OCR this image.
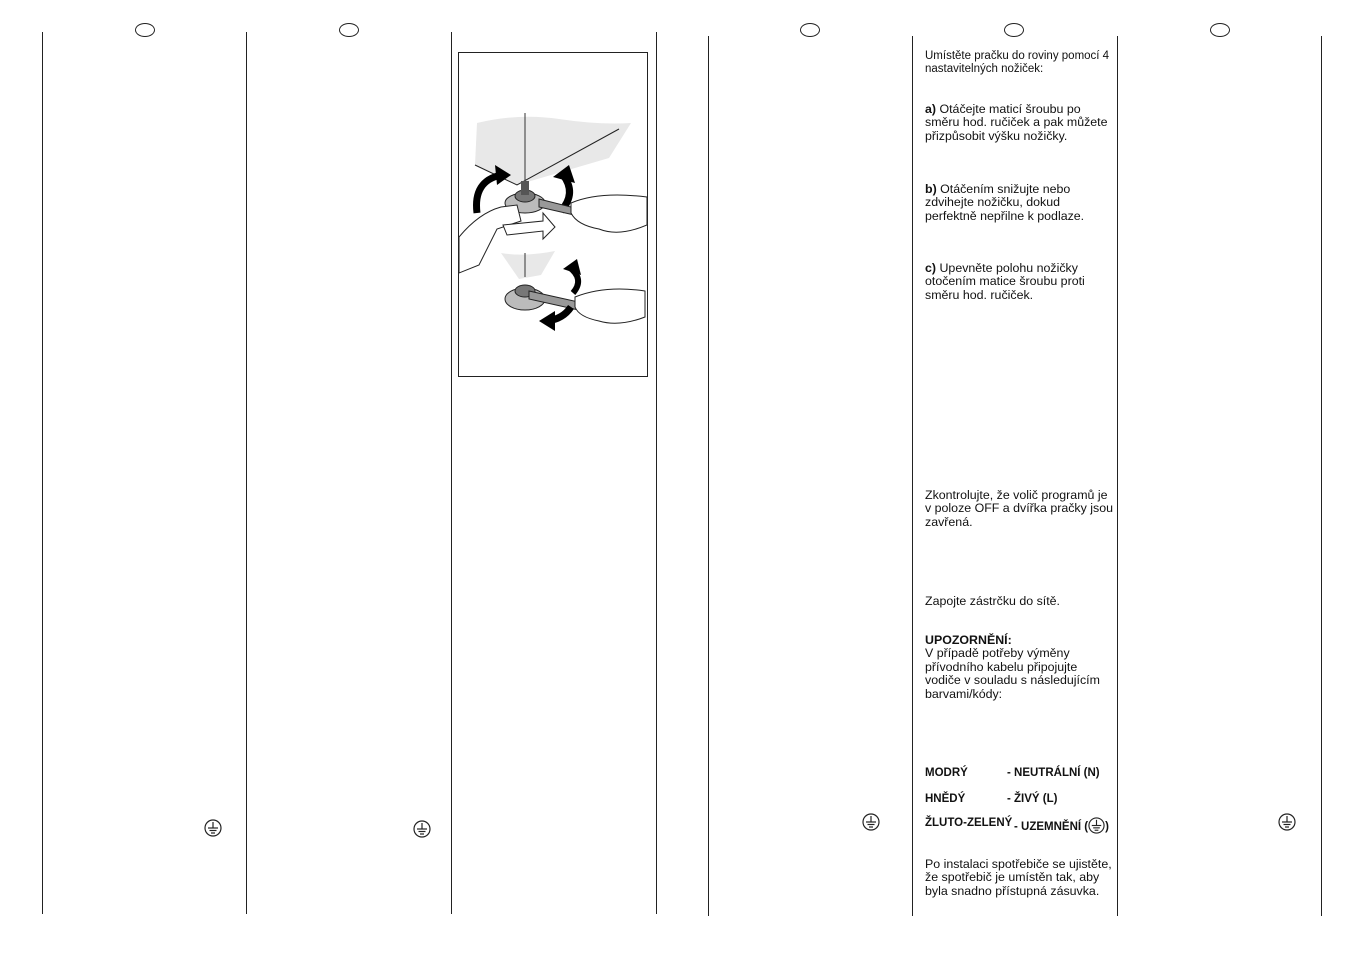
Umístěte pračku do roviny pomocí 4 nastavitelných nožiček:
a) Otáčejte maticí šroubu po směru hod. ručiček a pak můžete přizpůsobit výšku nožičky.
b) Otáčením snižujte nebo zdvihejte nožičku, dokud perfektně nepřilne k podlaze.
c) Upevněte polohu nožičky otočením matice šroubu proti směru hod. ručiček.
Zkontrolujte, že volič programů je v poloze OFF a dvířka pračky jsou zavřená.
Zapojte zástrčku do sítě.
UPOZORNĚNÍ:
V případě potřeby výměny přívodního kabelu připojujte vodiče v souladu s následujícím barvami/kódy:
MODRÝ	- NEUTRÁLNÍ (N)
HNĚDÝ	- ŽIVÝ (L)
ŽLUTO-ZELENÝ - UZEMNĚNÍ ( )
Po instalaci spotřebiče se ujistěte, že spotřebič je umístěn tak, aby byla snadno přístupná zásuvka.
